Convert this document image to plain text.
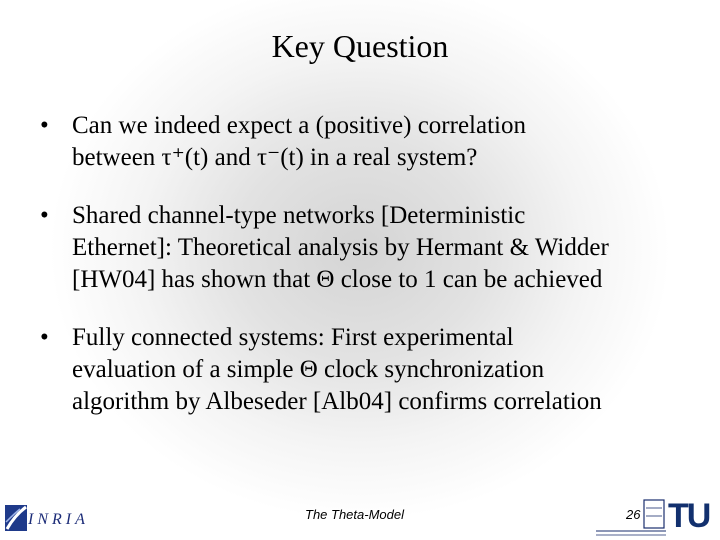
Key Question
• Can we indeed expect a (positive) correlation
between τ⁺(t) and τ⁻(t) in a real system?
• Shared channel-type networks [Deterministic
Ethernet]: Theoretical analysis by Hermant & Widder
[HW04] has shown that Θ close to 1 can be achieved
• Fully connected systems: First experimental
evaluation of a simple Θ clock synchronization
algorithm by Albeseder [Alb04] confirms correlation
INRIA	The Theta-Model	26 TU
